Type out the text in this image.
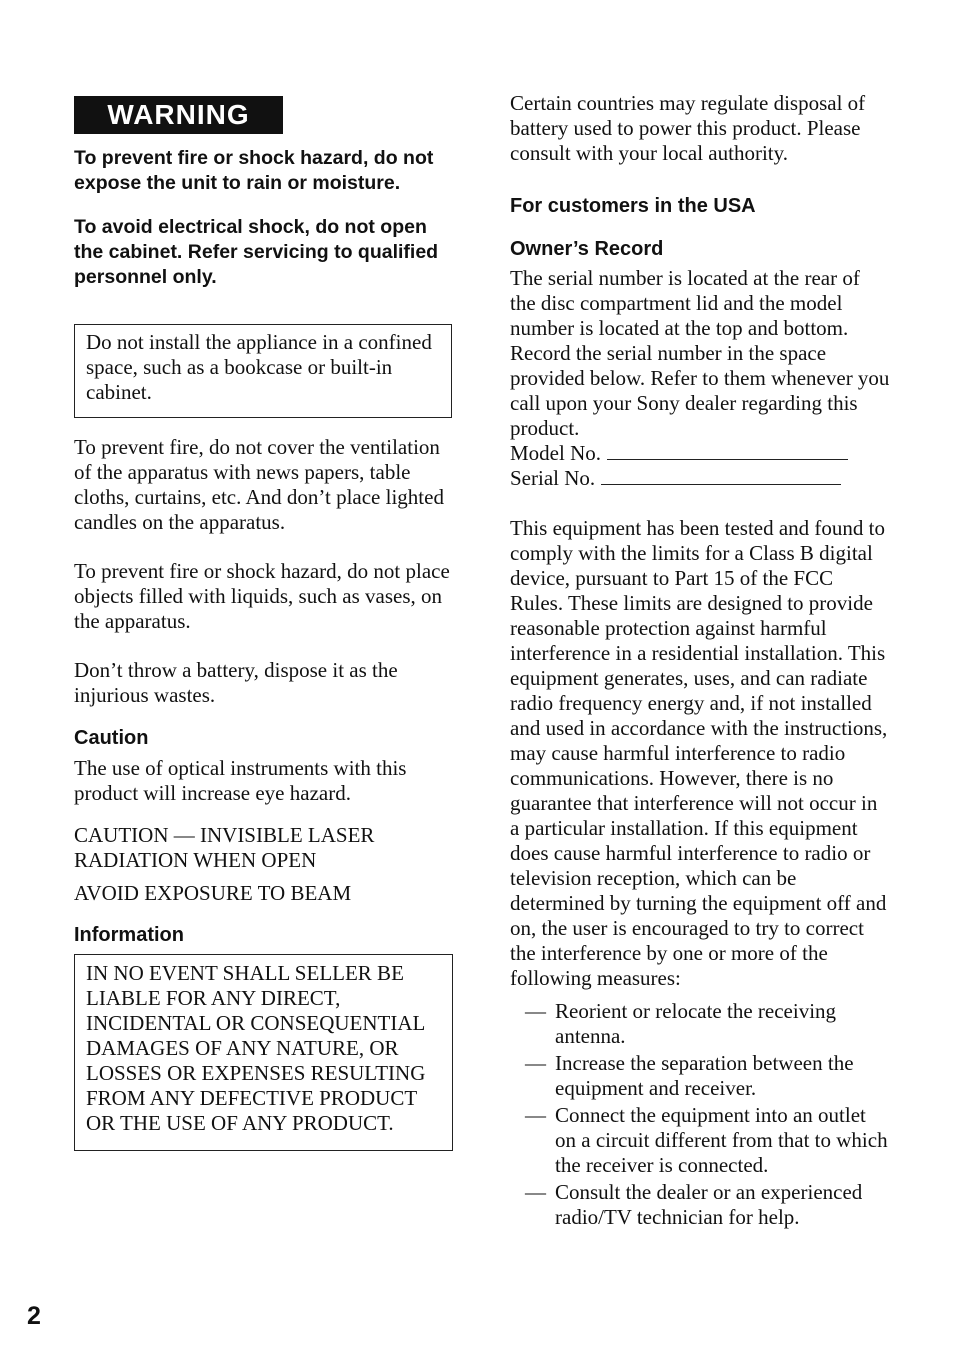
WARNING

To prevent fire or shock hazard, do not expose the unit to rain or moisture.

To avoid electrical shock, do not open the cabinet. Refer servicing to qualified personnel only.

Do not install the appliance in a confined space, such as a bookcase or built-in cabinet.

To prevent fire, do not cover the ventilation of the apparatus with news papers, table cloths, curtains, etc. And don’t place lighted candles on the apparatus.

To prevent fire or shock hazard, do not place objects filled with liquids, such as vases, on the apparatus.

Don’t throw a battery, dispose it as the injurious wastes.

Caution

The use of optical instruments with this product will increase eye hazard.

CAUTION — INVISIBLE LASER

RADIATION WHEN OPEN

AVOID EXPOSURE TO BEAM

Information
IN NO EVENT SHALL SELLER BE LIABLE FOR ANY DIRECT, INCIDENTAL OR CONSEQUENTIAL DAMAGES OF ANY NATURE, OR LOSSES OR EXPENSES RESULTING FROM ANY DEFECTIVE PRODUCT OR THE USE OF ANY PRODUCT.

Certain countries may regulate disposal of battery used to power this product. Please consult with your local authority.

For customers in the USA
Owner’s Record

The serial number is located at the rear of the disc compartment lid and the model number is located at the top and bottom. Record the serial number in the space provided below. Refer to them whenever you call upon your Sony dealer regarding this product.

Model No.
Serial No.

This equipment has been tested and found to comply with the limits for a Class B digital device, pursuant to Part 15 of the FCC Rules. These limits are designed to provide reasonable protection against harmful interference in a residential installation. This equipment generates, uses, and can radiate radio frequency energy and, if not installed and used in accordance with the instructions, may cause harmful interference to radio communications. However, there is no guarantee that interference will not occur in a particular installation. If this equipment does cause harmful interference to radio or television reception, which can be determined by turning the equipment off and on, the user is encouraged to try to correct the interference by one or more of the following measures:

— Reorient or relocate the receiving antenna.
— Increase the separation between the equipment and receiver.
— Connect the equipment into an outlet on a circuit different from that to which the receiver is connected.
— Consult the dealer or an experienced radio/TV technician for help.
2
